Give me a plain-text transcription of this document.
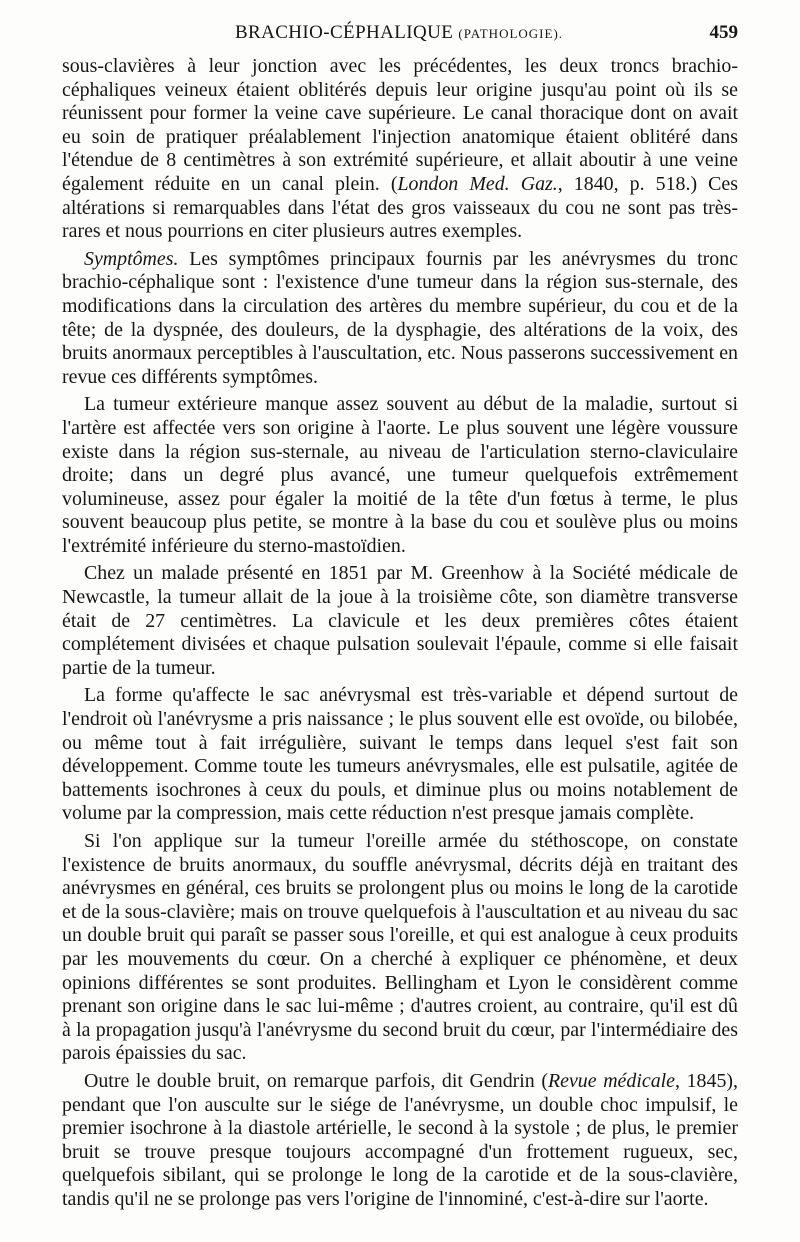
BRACHIO-CÉPHALIQUE (PATHOLOGIE).	459

sous-clavières à leur jonction avec les précédentes, les deux troncs brachio-céphaliques veineux étaient oblitérés depuis leur origine jusqu'au point où ils se réunissent pour former la veine cave supérieure. Le canal thoracique dont on avait eu soin de pratiquer préalablement l'injection anatomique étaient oblitéré dans l'étendue de 8 centimètres à son extrémité supérieure, et allait aboutir à une veine également réduite en un canal plein. (London Med. Gaz., 1840, p. 518.) Ces altérations si remarquables dans l'état des gros vaisseaux du cou ne sont pas très-rares et nous pourrions en citer plusieurs autres exemples.

Symptômes. Les symptômes principaux fournis par les anévrysmes du tronc brachio-céphalique sont : l'existence d'une tumeur dans la région sus-sternale, des modifications dans la circulation des artères du membre supérieur, du cou et de la tête; de la dyspnée, des douleurs, de la dysphagie, des altérations de la voix, des bruits anormaux perceptibles à l'auscultation, etc. Nous passerons successivement en revue ces différents symptômes.

La tumeur extérieure manque assez souvent au début de la maladie, surtout si l'artère est affectée vers son origine à l'aorte. Le plus souvent une légère voussure existe dans la région sus-sternale, au niveau de l'articulation sterno-claviculaire droite; dans un degré plus avancé, une tumeur quelquefois extrêmement volumineuse, assez pour égaler la moitié de la tête d'un fœtus à terme, le plus souvent beaucoup plus petite, se montre à la base du cou et soulève plus ou moins l'extrémité inférieure du sterno-mastoïdien.

Chez un malade présenté en 1851 par M. Greenhow à la Société médicale de Newcastle, la tumeur allait de la joue à la troisième côte, son diamètre transverse était de 27 centimètres. La clavicule et les deux premières côtes étaient complétement divisées et chaque pulsation soulevait l'épaule, comme si elle faisait partie de la tumeur.

La forme qu'affecte le sac anévrysmal est très-variable et dépend surtout de l'endroit où l'anévrysme a pris naissance ; le plus souvent elle est ovoïde, ou bilobée, ou même tout à fait irrégulière, suivant le temps dans lequel s'est fait son développement. Comme toute les tumeurs anévrysmales, elle est pulsatile, agitée de battements isochrones à ceux du pouls, et diminue plus ou moins notablement de volume par la compression, mais cette réduction n'est presque jamais complète.

Si l'on applique sur la tumeur l'oreille armée du stéthoscope, on constate l'existence de bruits anormaux, du souffle anévrysmal, décrits déjà en traitant des anévrysmes en général, ces bruits se prolongent plus ou moins le long de la carotide et de la sous-clavière; mais on trouve quelquefois à l'auscultation et au niveau du sac un double bruit qui paraît se passer sous l'oreille, et qui est analogue à ceux produits par les mouvements du cœur. On a cherché à expliquer ce phénomène, et deux opinions différentes se sont produites. Bellingham et Lyon le considèrent comme prenant son origine dans le sac lui-même ; d'autres croient, au contraire, qu'il est dû à la propagation jusqu'à l'anévrysme du second bruit du cœur, par l'intermédiaire des parois épaissies du sac.

Outre le double bruit, on remarque parfois, dit Gendrin (Revue médicale, 1845), pendant que l'on ausculte sur le siége de l'anévrysme, un double choc impulsif, le premier isochrone à la diastole artérielle, le second à la systole ; de plus, le premier bruit se trouve presque toujours accompagné d'un frottement rugueux, sec, quelquefois sibilant, qui se prolonge le long de la carotide et de la sous-clavière, tandis qu'il ne se prolonge pas vers l'origine de l'innominé, c'est-à-dire sur l'aorte.
